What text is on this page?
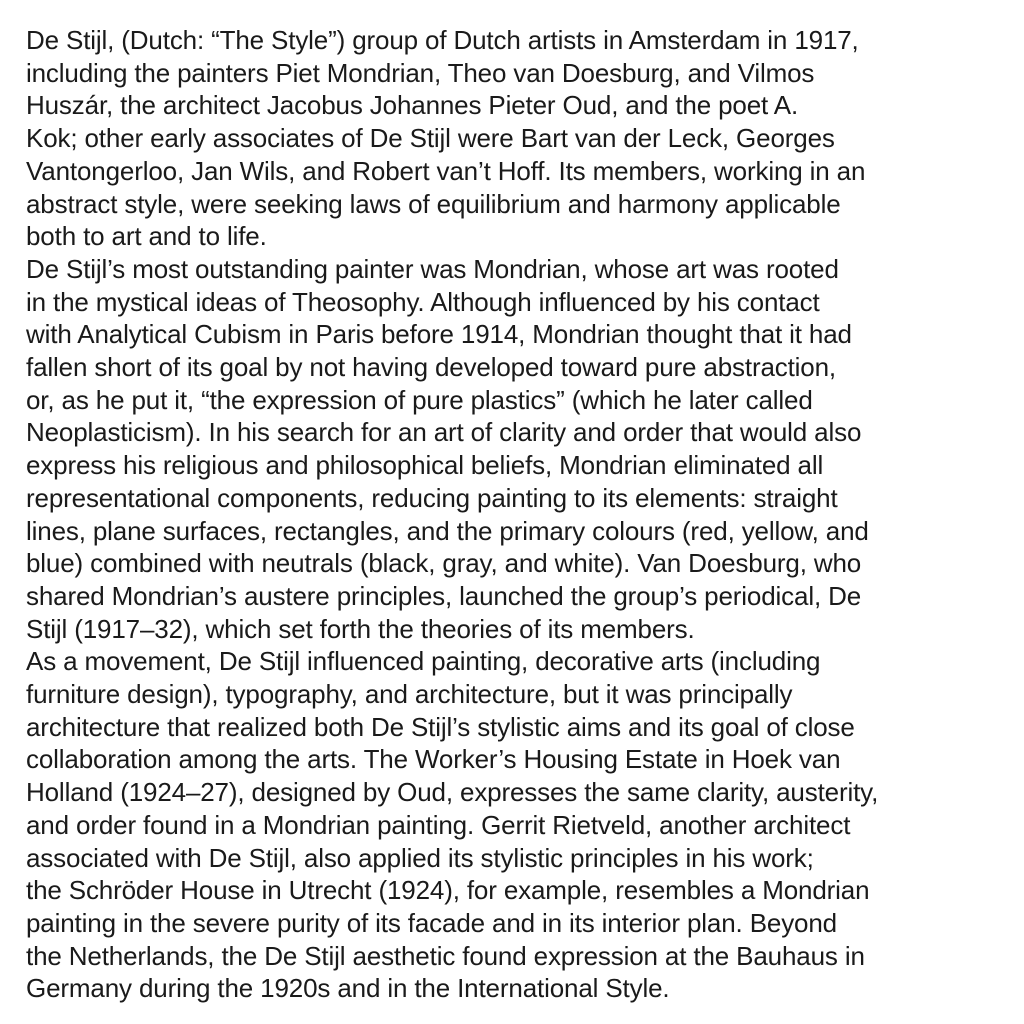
De Stijl, (Dutch: “The Style”) group of Dutch artists in Amsterdam in 1917,
including the painters Piet Mondrian, Theo van Doesburg, and Vilmos
Huszár, the architect Jacobus Johannes Pieter Oud, and the poet A.
Kok; other early associates of De Stijl were Bart van der Leck, Georges
Vantongerloo, Jan Wils, and Robert van’t Hoff. Its members, working in an
abstract style, were seeking laws of equilibrium and harmony applicable
both to art and to life.

De Stijl’s most outstanding painter was Mondrian, whose art was rooted
in the mystical ideas of Theosophy. Although influenced by his contact
with Analytical Cubism in Paris before 1914, Mondrian thought that it had
fallen short of its goal by not having developed toward pure abstraction,
or, as he put it, “the expression of pure plastics” (which he later called
Neoplasticism). In his search for an art of clarity and order that would also
express his religious and philosophical beliefs, Mondrian eliminated all
representational components, reducing painting to its elements: straight
lines, plane surfaces, rectangles, and the primary colours (red, yellow, and
blue) combined with neutrals (black, gray, and white). Van Doesburg, who
shared Mondrian’s austere principles, launched the group’s periodical, De
Stijl (1917–32), which set forth the theories of its members.

As a movement, De Stijl influenced painting, decorative arts (including
furniture design), typography, and architecture, but it was principally
architecture that realized both De Stijl’s stylistic aims and its goal of close
collaboration among the arts. The Worker’s Housing Estate in Hoek van
Holland (1924–27), designed by Oud, expresses the same clarity, austerity,
and order found in a Mondrian painting. Gerrit Rietveld, another architect
associated with De Stijl, also applied its stylistic principles in his work;
the Schröder House in Utrecht (1924), for example, resembles a Mondrian
painting in the severe purity of its facade and in its interior plan. Beyond
the Netherlands, the De Stijl aesthetic found expression at the Bauhaus in
Germany during the 1920s and in the International Style.
